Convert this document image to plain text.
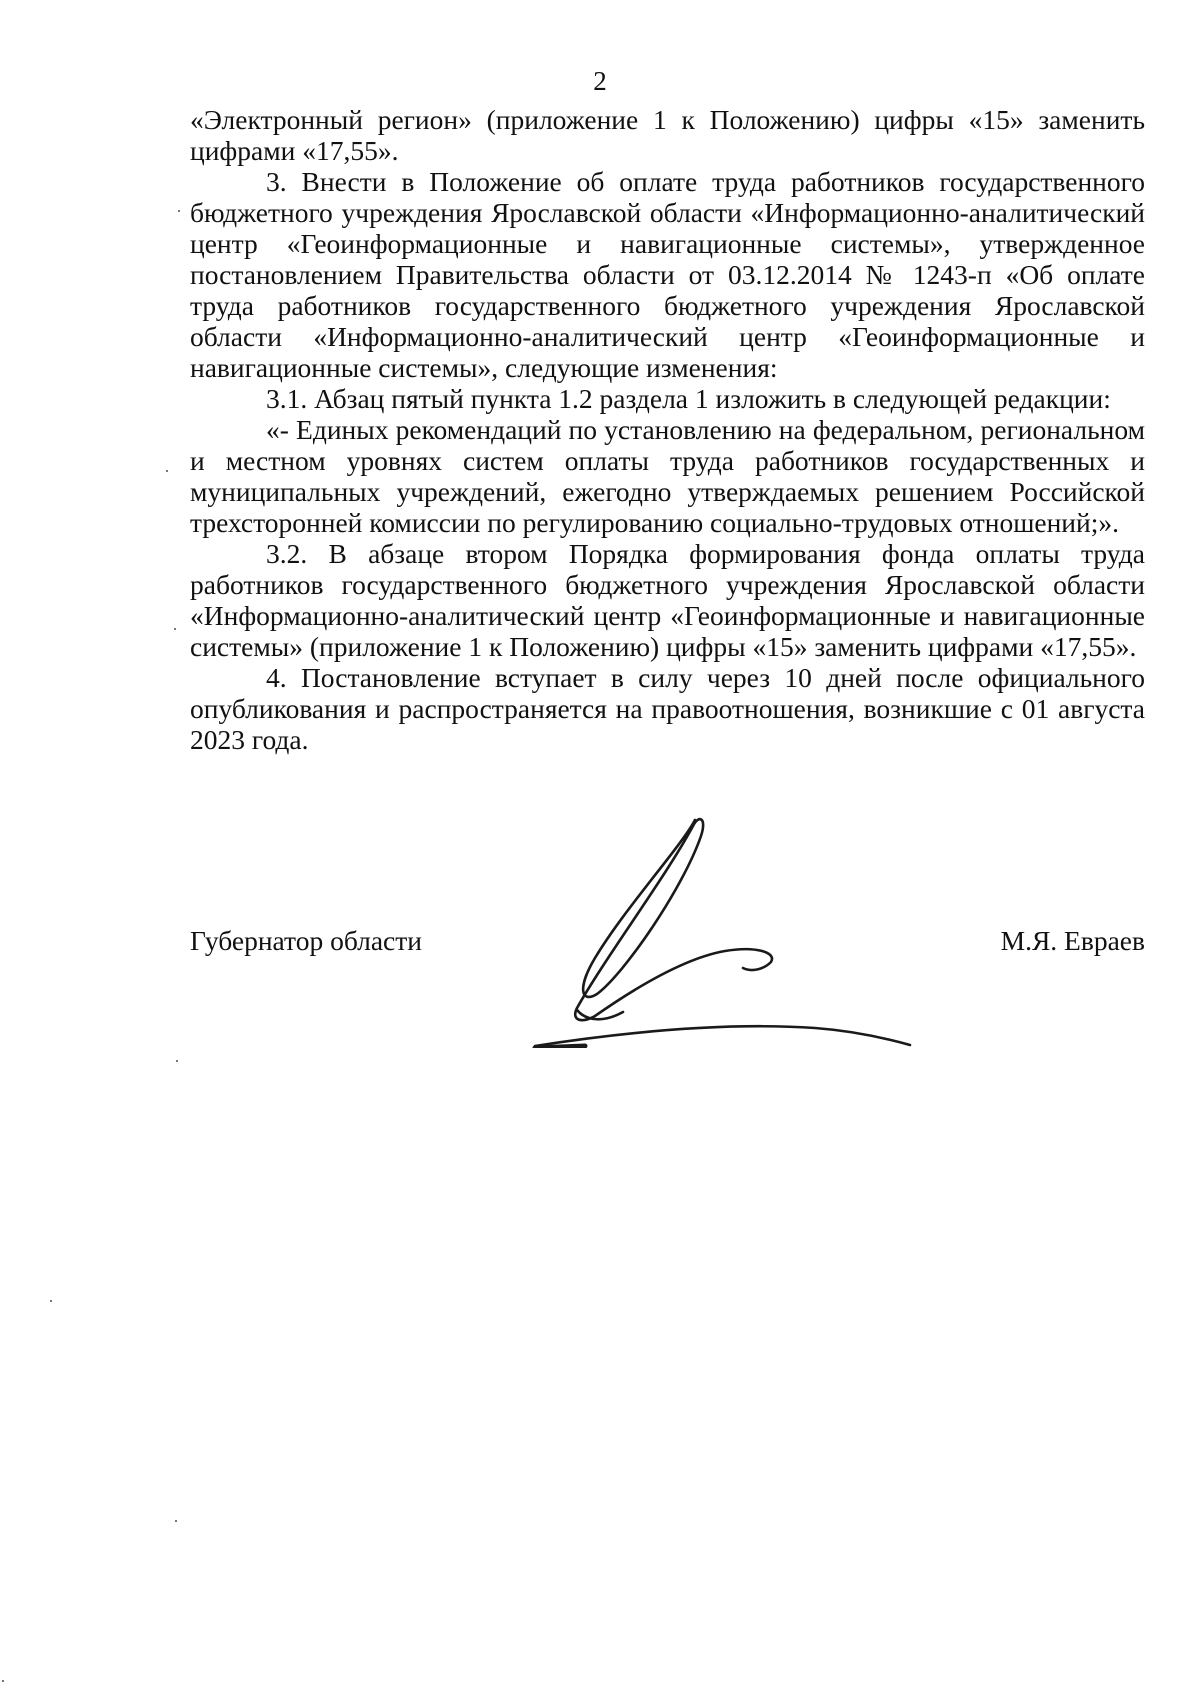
2

«Электронный регион» (приложение 1 к Положению) цифры «15» заменить цифрами «17,55».

3. Внести в Положение об оплате труда работников государственного бюджетного учреждения Ярославской области «Информационно-аналитический центр «Геоинформационные и навигационные системы», утвержденное постановлением Правительства области от 03.12.2014 № 1243-п «Об оплате труда работников государственного бюджетного учреждения Ярославской области «Информационно-аналитический центр «Геоинформационные и навигационные системы», следующие изменения:

3.1. Абзац пятый пункта 1.2 раздела 1 изложить в следующей редакции:

«- Единых рекомендаций по установлению на федеральном, региональном и местном уровнях систем оплаты труда работников государственных и муниципальных учреждений, ежегодно утверждаемых решением Российской трехсторонней комиссии по регулированию социально-трудовых отношений;».

3.2. В абзаце втором Порядка формирования фонда оплаты труда работников государственного бюджетного учреждения Ярославской области «Информационно-аналитический центр «Геоинформационные и навигационные системы» (приложение 1 к Положению) цифры «15» заменить цифрами «17,55».

4. Постановление вступает в силу через 10 дней после официального опубликования и распространяется на правоотношения, возникшие с 01 августа 2023 года.

Губернатор области	М.Я. Евраев
